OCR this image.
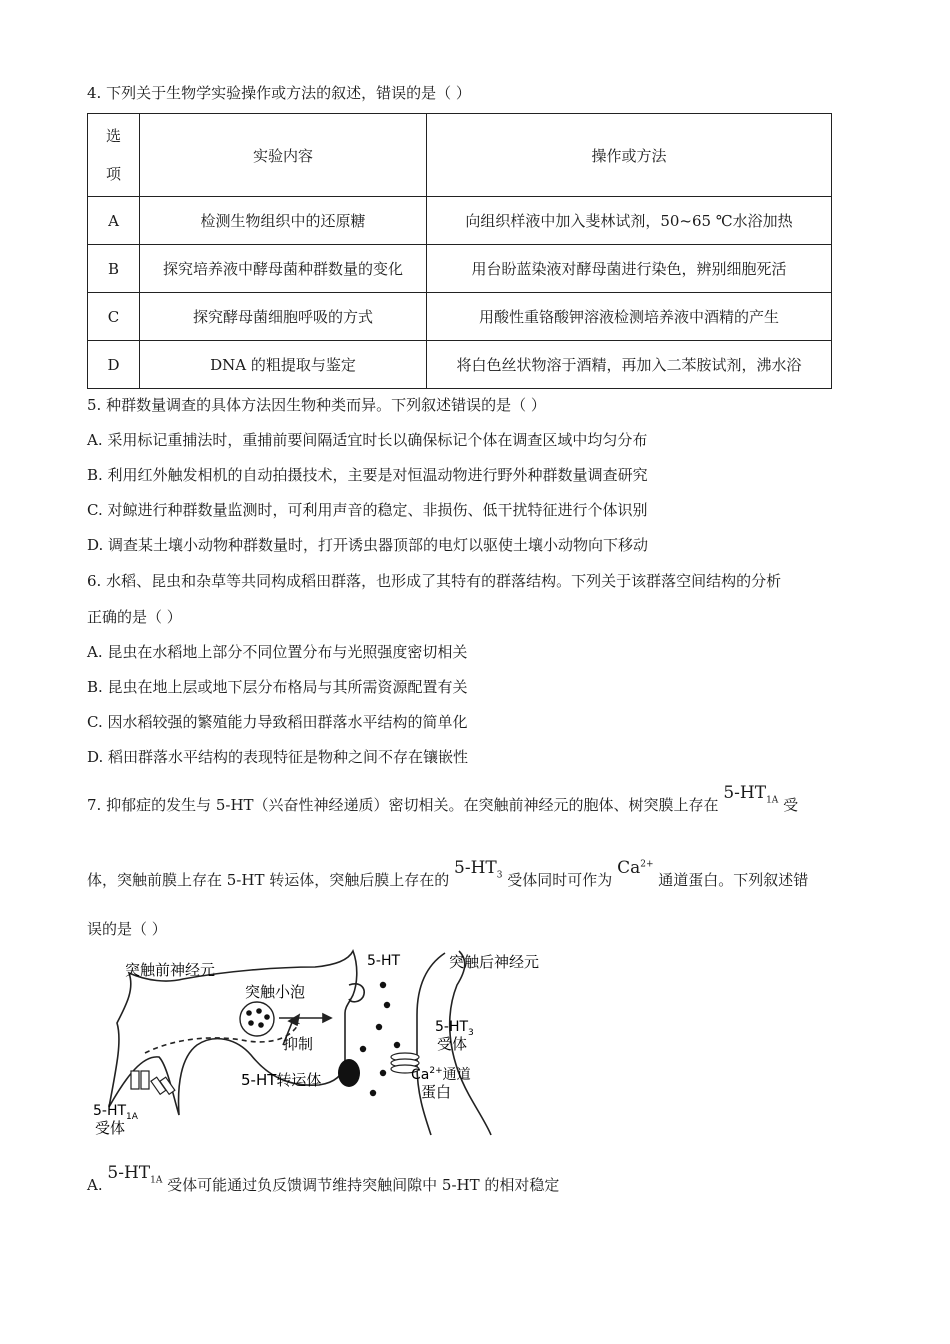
4. 下列关于生物学实验操作或方法的叙述，错误的是（ ）
选
项	实验内容	操作或方法
A	检测生物组织中的还原糖	向组织样液中加入斐林试剂，50~65 ℃水浴加热
B	探究培养液中酵母菌种群数量的变化	用台盼蓝染液对酵母菌进行染色，辨别细胞死活
C	探究酵母菌细胞呼吸的方式	用酸性重铬酸钾溶液检测培养液中酒精的产生
D	DNA 的粗提取与鉴定	将白色丝状物溶于酒精，再加入二苯胺试剂，沸水浴
5. 种群数量调查的具体方法因生物种类而异。下列叙述错误的是（ ）
A. 采用标记重捕法时，重捕前要间隔适宜时长以确保标记个体在调查区域中均匀分布
B. 利用红外触发相机的自动拍摄技术，主要是对恒温动物进行野外种群数量调查研究
C. 对鲸进行种群数量监测时，可利用声音的稳定、非损伤、低干扰特征进行个体识别
D. 调查某土壤小动物种群数量时，打开诱虫器顶部的电灯以驱使土壤小动物向下移动
6. 水稻、昆虫和杂草等共同构成稻田群落，也形成了其特有的群落结构。下列关于该群落空间结构的分析
正确的是（ ）
A. 昆虫在水稻地上部分不同位置分布与光照强度密切相关
B. 昆虫在地上层或地下层分布格局与其所需资源配置有关
C. 因水稻较强的繁殖能力导致稻田群落水平结构的简单化
D. 稻田群落水平结构的表现特征是物种之间不存在镶嵌性
7. 抑郁症的发生与 5-HT（兴奋性神经递质）密切相关。在突触前神经元的胞体、树突膜上存在 $5-HT_{1A}$ 受
体，突触前膜上存在 5-HT 转运体，突触后膜上存在的 $5-HT_3$ 受体同时可作为 $Ca^{2+}$ 通道蛋白。下列叙述错
误的是（ ）
突触前神经元	突触后神经元
5-HT
突触小泡
抑制
5-HT转运体
$5-HT_3$
受体
$Ca^{2+}$通道
蛋白
$5-HT_{1A}$
受体
A. $5-HT_{1A}$ 受体可能通过负反馈调节维持突触间隙中 5-HT 的相对稳定
